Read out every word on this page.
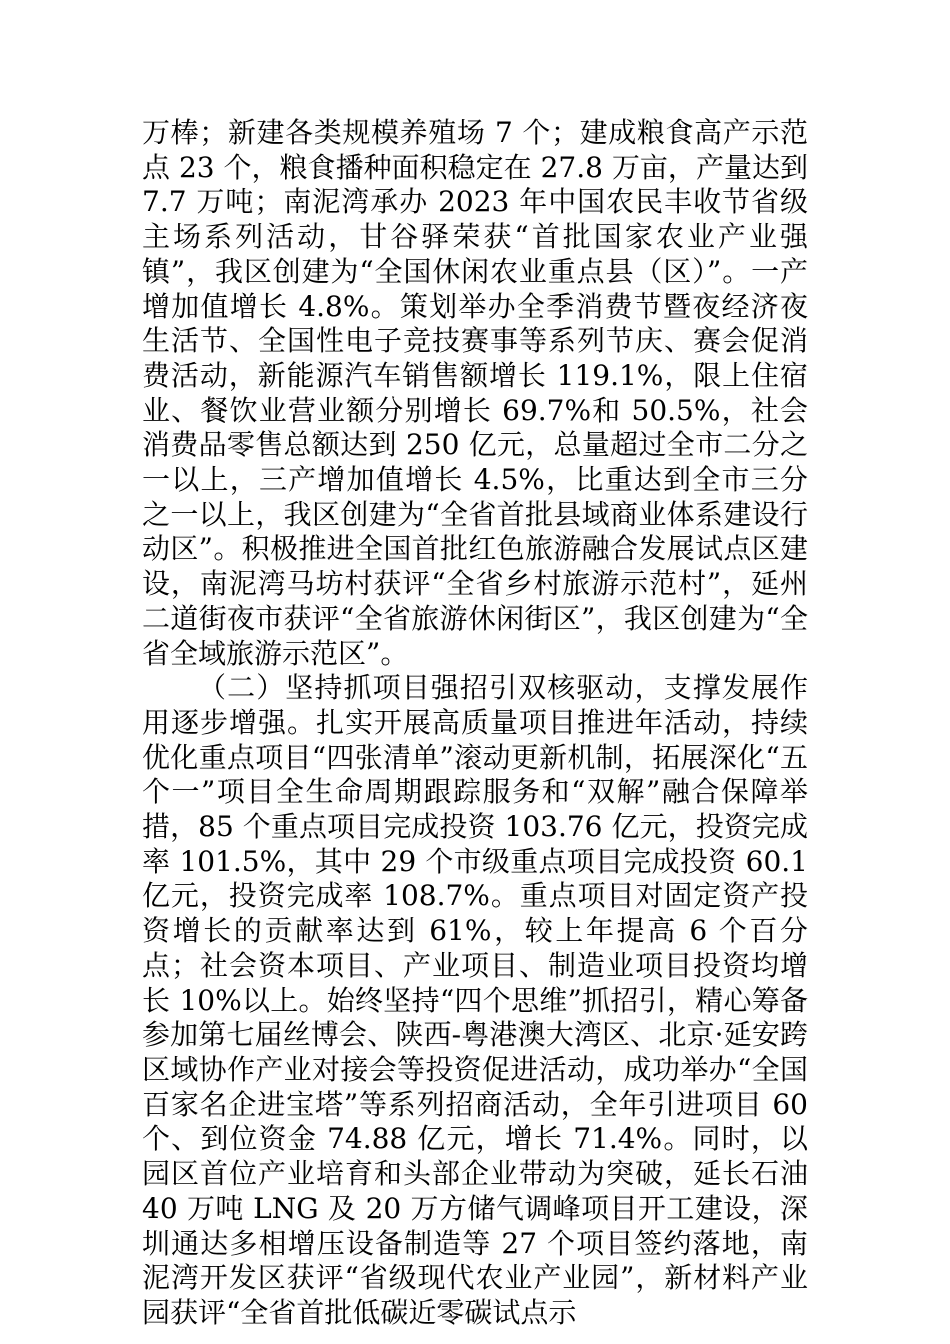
万棒；新建各类规模养殖场 7 个；建成粮食高产示范点 23 个，粮食播种面积稳定在 27.8 万亩，产量达到 7.7 万吨；南泥湾承办 2023 年中国农民丰收节省级主场系列活动，甘谷驿荣获“首批国家农业产业强镇”，我区创建为“全国休闲农业重点县（区）”。一产增加值增长 4.8%。策划举办全季消费节暨夜经济夜生活节、全国性电子竞技赛事等系列节庆、赛会促消费活动，新能源汽车销售额增长 119.1%，限上住宿业、餐饮业营业额分别增长 69.7%和 50.5%，社会消费品零售总额达到 250 亿元，总量超过全市二分之一以上，三产增加值增长 4.5%，比重达到全市三分之一以上，我区创建为“全省首批县域商业体系建设行动区”。积极推进全国首批红色旅游融合发展试点区建设，南泥湾马坊村获评“全省乡村旅游示范村”，延州二道街夜市获评“全省旅游休闲街区”，我区创建为“全省全域旅游示范区”。

（二）坚持抓项目强招引双核驱动，支撑发展作用逐步增强。扎实开展高质量项目推进年活动，持续优化重点项目“四张清单”滚动更新机制，拓展深化“五个一”项目全生命周期跟踪服务和“双解”融合保障举措，85 个重点项目完成投资 103.76 亿元，投资完成率 101.5%，其中 29 个市级重点项目完成投资 60.1 亿元，投资完成率 108.7%。重点项目对固定资产投资增长的贡献率达到 61%，较上年提高 6 个百分点；社会资本项目、产业项目、制造业项目投资均增长 10%以上。始终坚持“四个思维”抓招引，精心筹备参加第七届丝博会、陕西-粤港澳大湾区、北京·延安跨区域协作产业对接会等投资促进活动，成功举办“全国百家名企进宝塔”等系列招商活动，全年引进项目 60 个、到位资金 74.88 亿元，增长 71.4%。同时，以园区首位产业培育和头部企业带动为突破，延长石油 40 万吨 LNG 及 20 万方储气调峰项目开工建设，深圳通达多相增压设备制造等 27 个项目签约落地，南泥湾开发区获评“省级现代农业产业园”，新材料产业园获评“全省首批低碳近零碳试点示
